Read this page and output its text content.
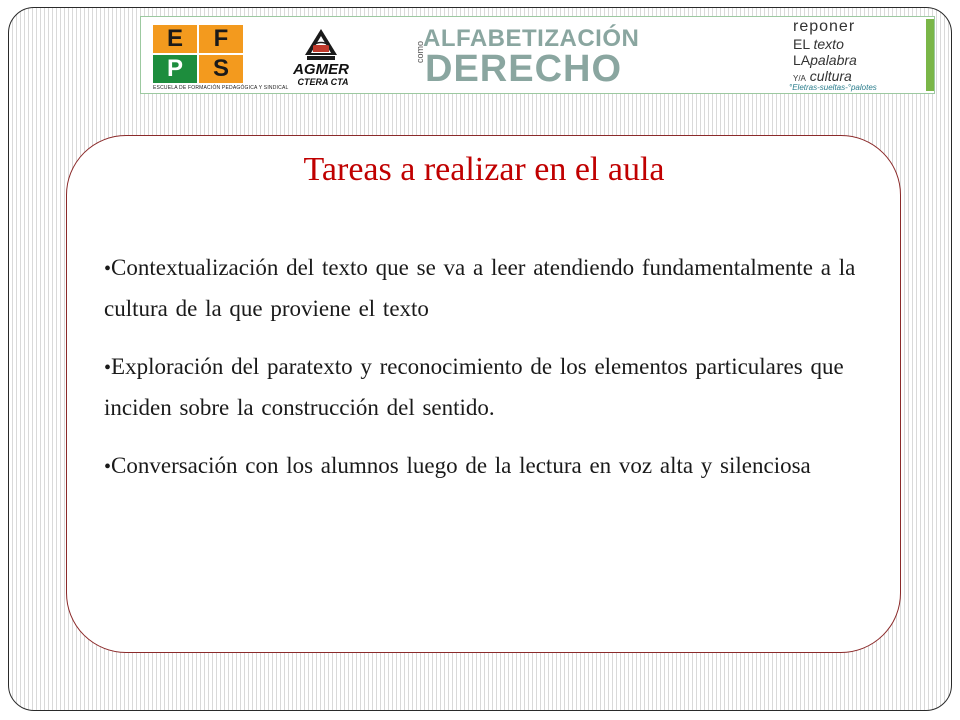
E	F
P	S
ESCUELA DE FORMACIÓN PEDAGÓGICA Y SINDICAL
AGMER
CTERA CTA
ALFABETIZACIÓN
como DERECHO
reponer
EL texto
LApalabra
Y/A cultura
°Eletras-sueltas-°palotes
Tareas a realizar en el aula
•Contextualización del texto que se va a leer atendiendo fundamentalmente a la cultura de la que proviene el texto
•Exploración del paratexto y reconocimiento de los elementos particulares que inciden sobre la construcción del sentido.
•Conversación con los alumnos luego de la lectura en voz alta y silenciosa
